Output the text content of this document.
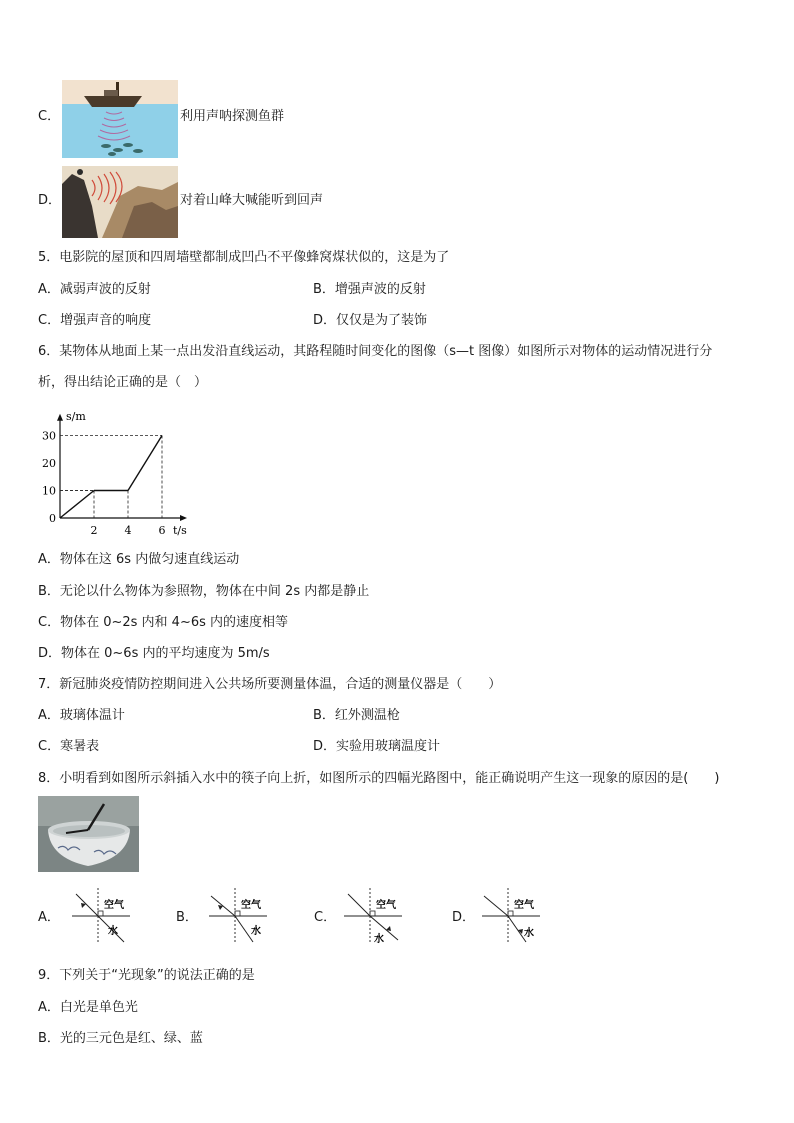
C．	利用声呐探测鱼群
D．	对着山峰大喊能听到回声
5．电影院的屋顶和四周墙壁都制成凹凸不平像蜂窝煤状似的，这是为了
A．减弱声波的反射	B．增强声波的反射
C．增强声音的响度	D．仅仅是为了装饰
6．某物体从地面上某一点出发沿直线运动，其路程随时间变化的图像（s—t 图像）如图所示对物体的运动情况进行分
析，得出结论正确的是（　）
s/m
t/s
0
10
20
30
2 4 6
A．物体在这 6s 内做匀速直线运动
B．无论以什么物体为参照物，物体在中间 2s 内都是静止
C．物体在 0~2s 内和 4~6s 内的速度相等
D．物体在 0~6s 内的平均速度为 5m/s
7．新冠肺炎疫情防控期间进入公共场所要测量体温，合适的测量仪器是（　　）
A．玻璃体温计	B．红外测温枪
C．寒暑表	D．实验用玻璃温度计
8．小明看到如图所示斜插入水中的筷子向上折，如图所示的四幅光路图中，能正确说明产生这一现象的原因的是(　　)
A．
空气
水
B．
空气
水
C．
空气
水
D．
空气
水
9．下列关于“光现象”的说法正确的是
A．白光是单色光
B．光的三元色是红、绿、蓝
